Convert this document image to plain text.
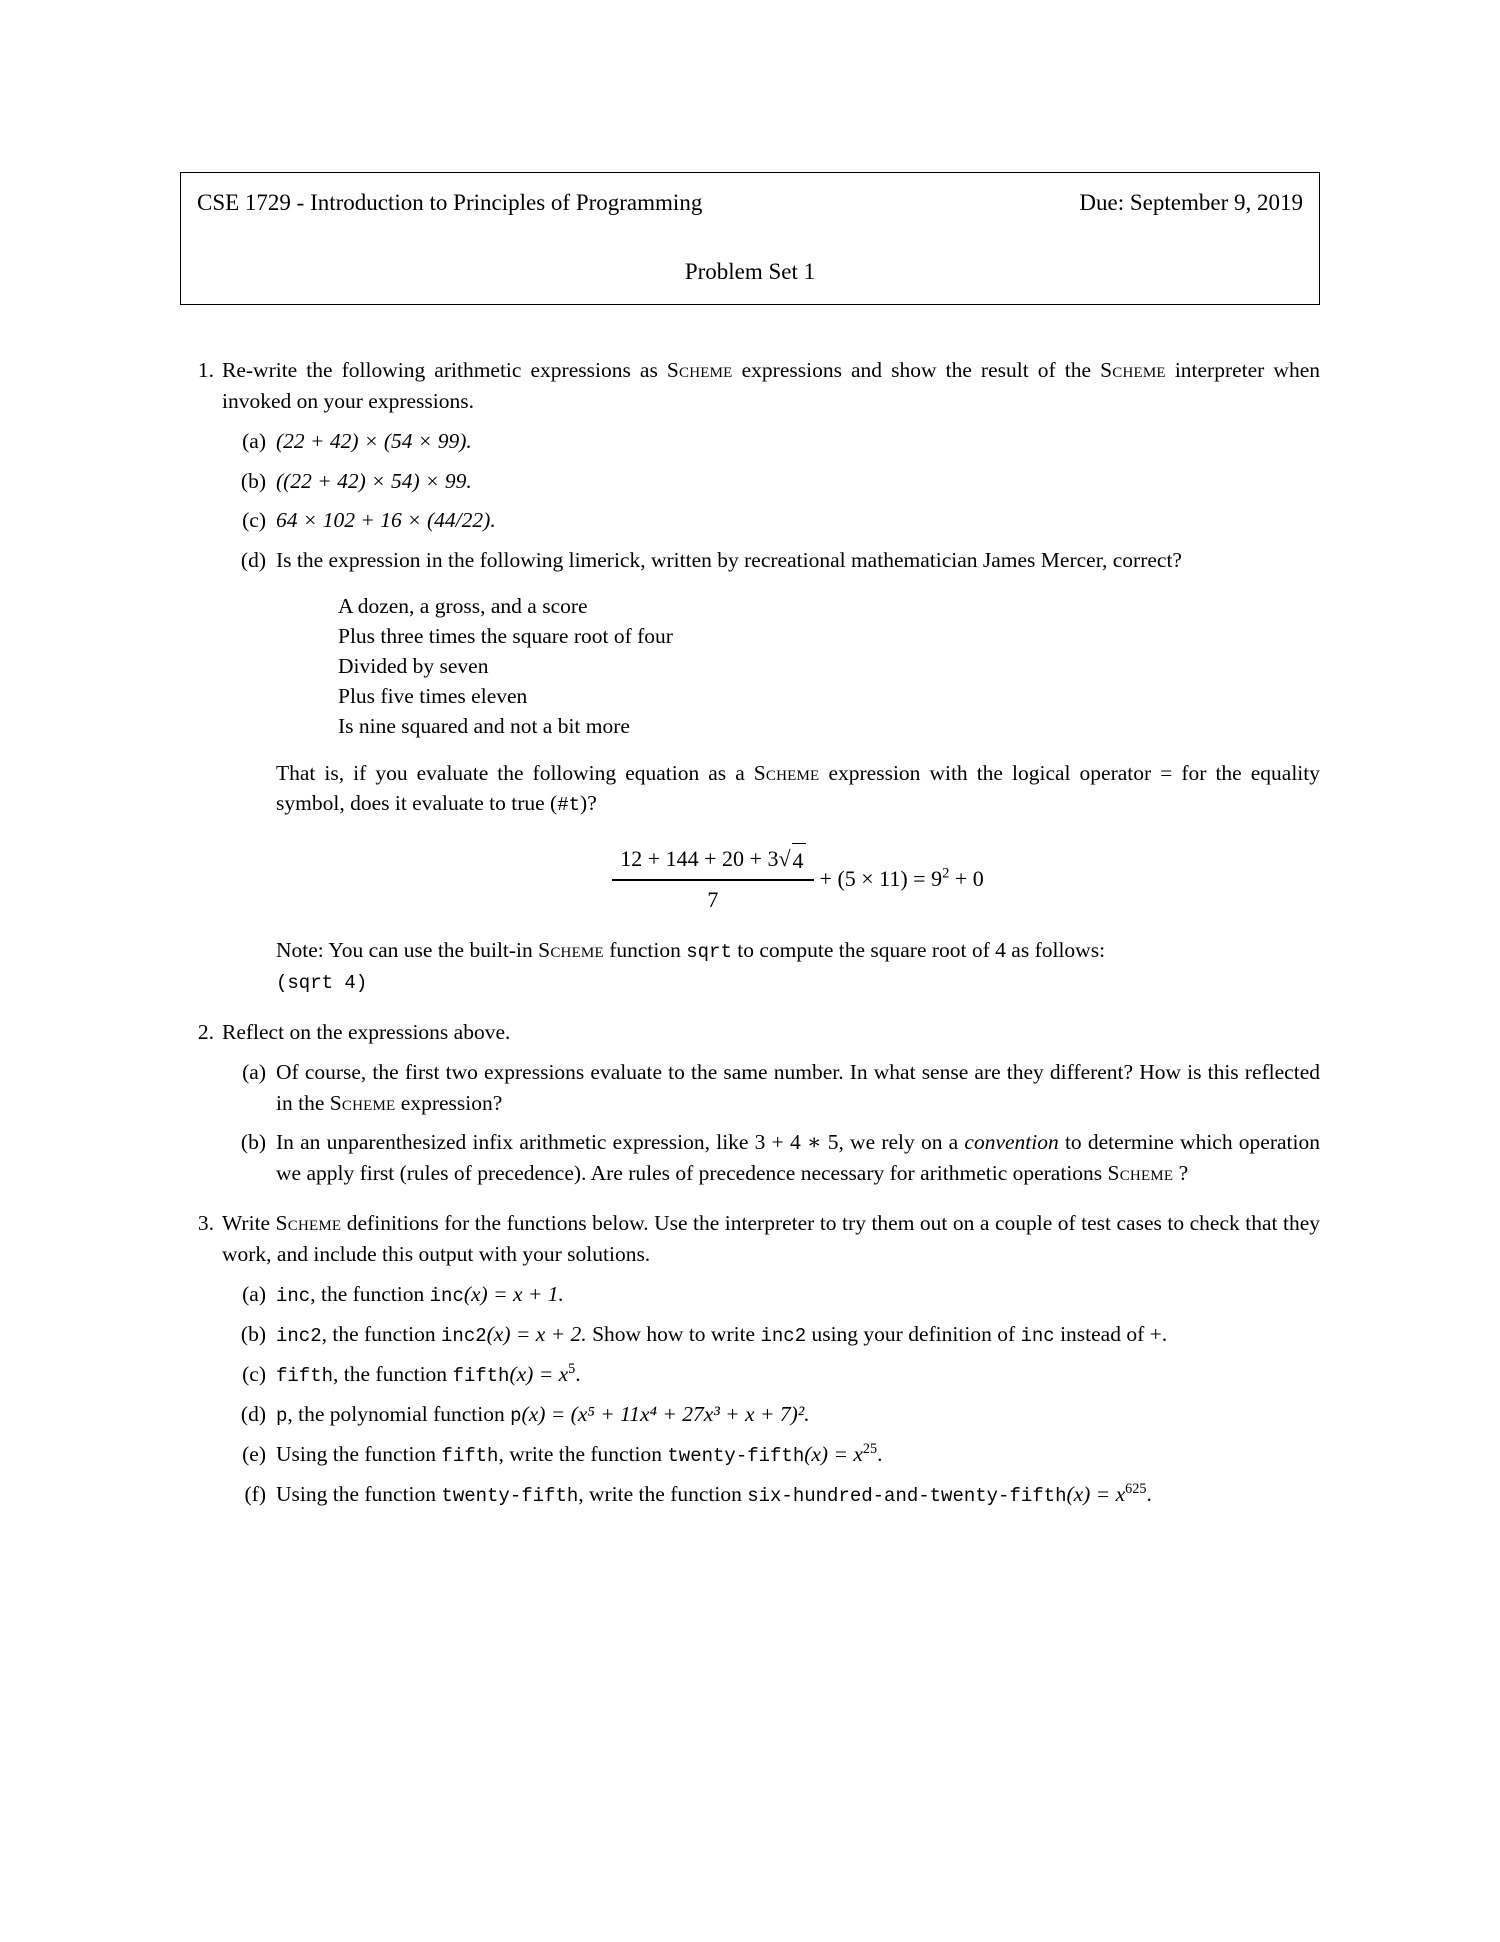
CSE 1729 - Introduction to Principles of Programming	Due: September 9, 2019
Problem Set 1
1. Re-write the following arithmetic expressions as Scheme expressions and show the result of the Scheme interpreter when invoked on your expressions.
(a) (22 + 42) × (54 × 99).
(b) ((22 + 42) × 54) × 99.
(c) 64 × 102 + 16 × (44/22).
(d) Is the expression in the following limerick, written by recreational mathematician James Mercer, correct?
A dozen, a gross, and a score
Plus three times the square root of four
Divided by seven
Plus five times eleven
Is nine squared and not a bit more
That is, if you evaluate the following equation as a Scheme expression with the logical operator = for the equality symbol, does it evaluate to true (#t)?
$\frac{12 + 144 + 20 + 3 √ 4}{7} + (5 \times 11) = 9^2 + 0$
Note: You can use the built-in Scheme function sqrt to compute the square root of 4 as follows:
(sqrt 4)
2. Reflect on the expressions above.
(a) Of course, the first two expressions evaluate to the same number. In what sense are they different? How is this reflected in the Scheme expression?
(b) In an unparenthesized infix arithmetic expression, like 3 + 4 ∗ 5, we rely on a convention to determine which operation we apply first (rules of precedence). Are rules of precedence necessary for arithmetic operations Scheme ?
3. Write Scheme definitions for the functions below. Use the interpreter to try them out on a couple of test cases to check that they work, and include this output with your solutions.
(a) inc, the function inc(x) = x + 1.
(b) inc2, the function inc2(x) = x + 2. Show how to write inc2 using your definition of inc instead of +.
(c) fifth, the function fifth(x) = $x^5$.
(d) p, the polynomial function p(x) = (x⁵ + 11x⁴ + 27x³ + x + 7)².
(e) Using the function fifth, write the function twenty-fifth(x) = $x^{25}$.
(f) Using the function twenty-fifth, write the function six-hundred-and-twenty-fifth(x) = $x^{625}$.
